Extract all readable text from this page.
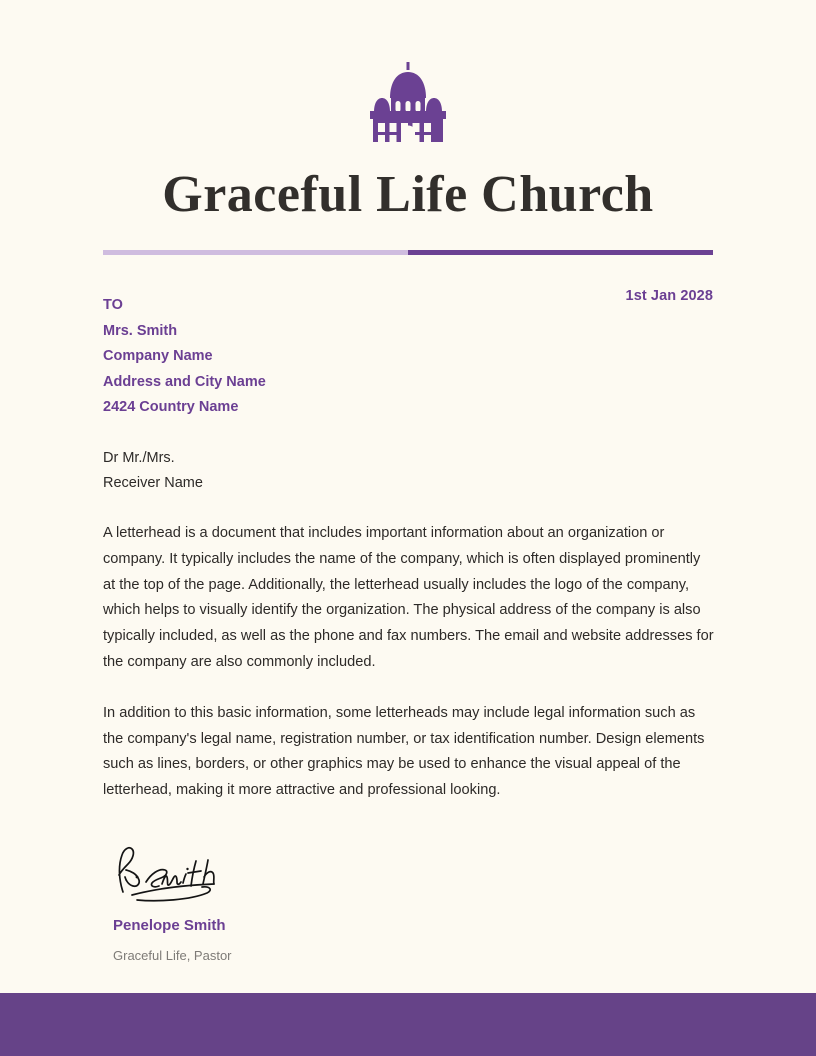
Graceful Life Church
1st Jan 2028
TO
Mrs. Smith
Company Name
Address and City Name
2424 Country Name
Dr Mr./Mrs.
Receiver Name

A letterhead is a document that includes important information about an organization or company. It typically includes the name of the company, which is often displayed prominently at the top of the page. Additionally, the letterhead usually includes the logo of the company, which helps to visually identify the organization. The physical address of the company is also typically included, as well as the phone and fax numbers. The email and website addresses for the company are also commonly included.

In addition to this basic information, some letterheads may include legal information such as the company's legal name, registration number, or tax identification number. Design elements such as lines, borders, or other graphics may be used to enhance the visual appeal of the letterhead, making it more attractive and professional looking.

Penelope Smith
Graceful Life, Pastor
